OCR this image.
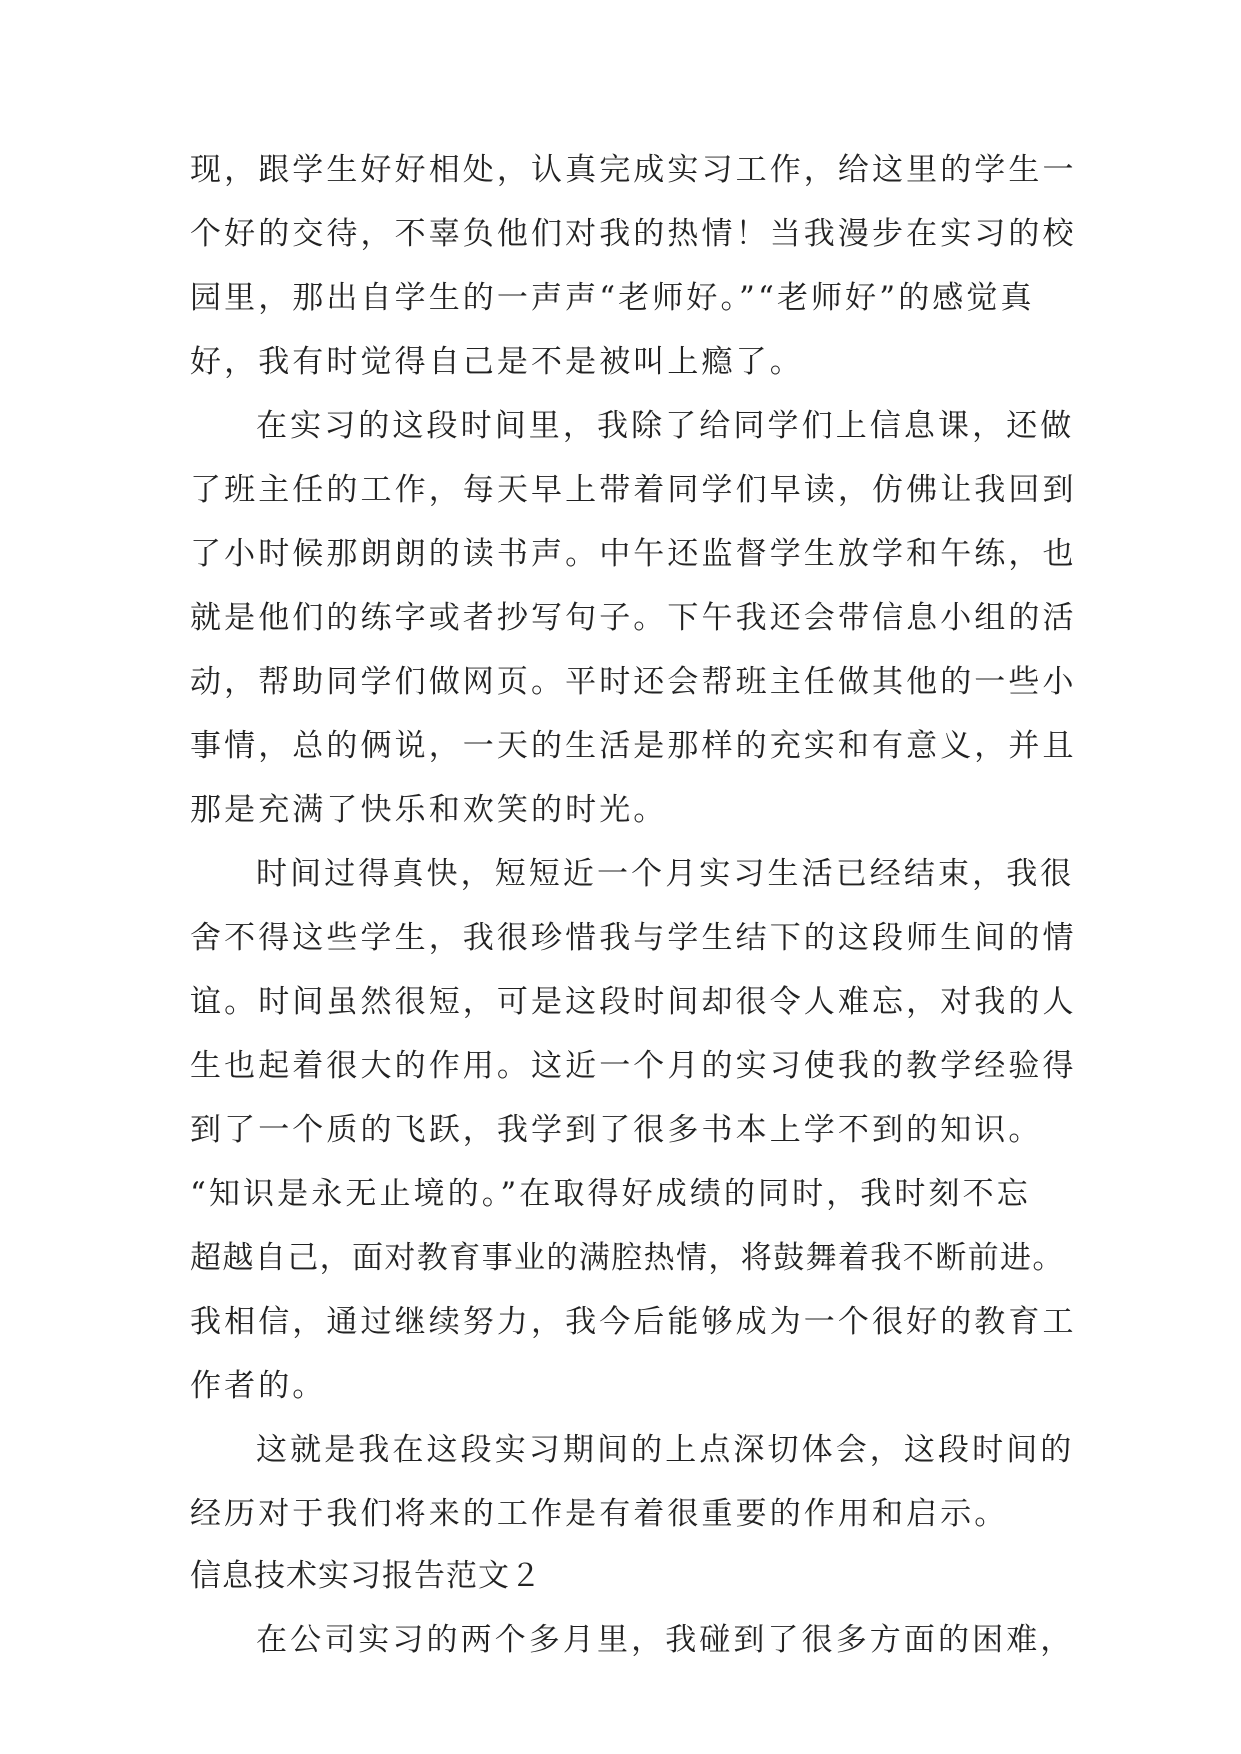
现，跟学生好好相处，认真完成实习工作，给这里的学生一
个好的交待，不辜负他们对我的热情！当我漫步在实习的校
园里，那出自学生的一声声“老师好。”“老师好”的感觉真
好，我有时觉得自己是不是被叫上瘾了。
在实习的这段时间里，我除了给同学们上信息课，还做
了班主任的工作，每天早上带着同学们早读，仿佛让我回到
了小时候那朗朗的读书声。中午还监督学生放学和午练，也
就是他们的练字或者抄写句子。下午我还会带信息小组的活
动，帮助同学们做网页。平时还会帮班主任做其他的一些小
事情，总的俩说，一天的生活是那样的充实和有意义，并且
那是充满了快乐和欢笑的时光。
时间过得真快，短短近一个月实习生活已经结束，我很
舍不得这些学生，我很珍惜我与学生结下的这段师生间的情
谊。时间虽然很短，可是这段时间却很令人难忘，对我的人
生也起着很大的作用。这近一个月的实习使我的教学经验得
到了一个质的飞跃，我学到了很多书本上学不到的知识。
“知识是永无止境的。”在取得好成绩的同时，我时刻不忘
超越自己，面对教育事业的满腔热情，将鼓舞着我不断前进。
我相信，通过继续努力，我今后能够成为一个很好的教育工
作者的。
这就是我在这段实习期间的上点深切体会，这段时间的
经历对于我们将来的工作是有着很重要的作用和启示。
信息技术实习报告范文２
在公司实习的两个多月里，我碰到了很多方面的困难，
